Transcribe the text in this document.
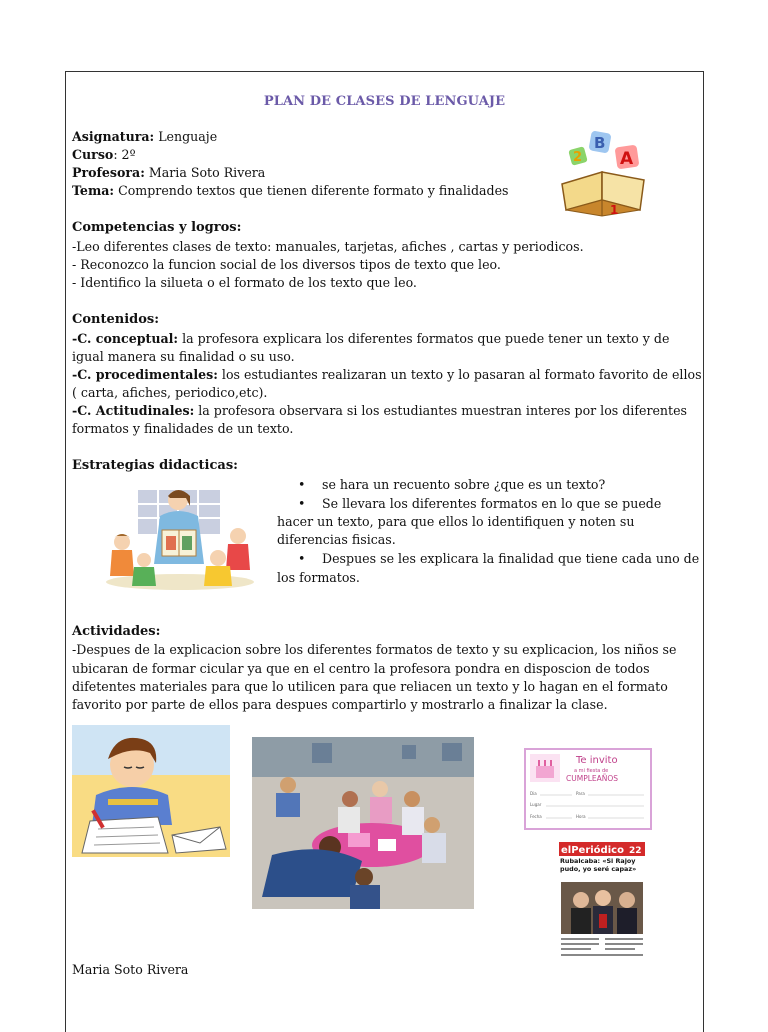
PLAN DE CLASES DE LENGUAJE
Asignatura: Lenguaje
Curso: 2º
Profesora: Maria Soto Rivera
Tema: Comprendo textos que tienen diferente formato y finalidades
2
B
A
1
Competencias y logros:
-Leo diferentes clases de texto: manuales, tarjetas, afiches , cartas y periodicos.
- Reconozco la funcion social de los diversos tipos de texto que leo.
- Identifico la silueta o el formato de los texto que leo.
Contenidos:
-C. conceptual: la profesora explicara los diferentes formatos que puede tener un texto y de
igual manera su finalidad o su uso.
-C. procedimentales: los estudiantes realizaran un texto y lo pasaran al formato favorito de ellos
( carta, afiches, periodico,etc).
-C. Actitudinales: la profesora observara si los estudiantes muestran interes por los diferentes
formatos y finalidades de un texto.
Estrategias didacticas:
• se hara un recuento sobre ¿que es un texto?
• Se llevara los diferentes formatos en lo que se puede
hacer un texto, para que ellos lo identifiquen y noten su
diferencias fisicas.
• Despues se les explicara la finalidad que tiene cada uno de
los formatos.
Actividades:
-Despues de la explicacion sobre los diferentes formatos de texto y su explicacion, los niños se
ubicaran de formar cicular ya que en el centro la profesora pondra en disposcion de todos
difetentes materiales para que lo utilicen para que reliacen un texto y lo hagan en el formato
favorito por parte de ellos para despues compartirlo y mostrarlo a finalizar la clase.
Te invito
a mi fiesta de
CUMPLEAÑOS
Dia	Para
Lugar
Fecha	Hora
elPeriódico 22
Rubalcaba: «Si Rajoy pudo, yo seré capaz»
Maria Soto Rivera
